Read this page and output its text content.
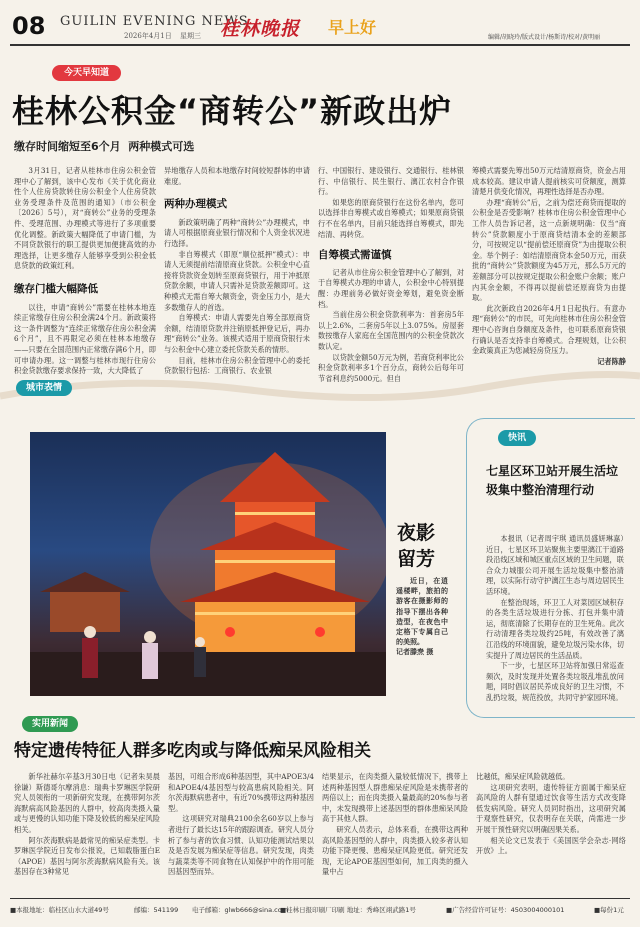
08 GUILIN EVENING NEWS
2026年4月1日 星期三 桂林晚报 早上好
编辑/胡晓玲/版式设计/杨斯诗/校对/黄明丽
今天早知道
桂林公积金“商转公”新政出炉
缴存时间缩短至6个月  两种模式可选

3月31日，记者从桂林市住房公积金管理中心了解到，该中心发布《关于优化商业性个人住房贷款转住房公积金个人住房贷款业务受理条件及范围的通知》（市公积金〔2026〕5号），对“商转公”业务的受理条件、受理范围、办理模式等进行了多项重要优化调整。新政策大幅降低了申请门槛，为不同贷款银行的职工提供更加便捷高效的办理选择，让更多缴存人能够享受到公积金低息贷款的政策红利。

缴存门槛大幅降低

以往，申请“商转公”需要在桂林本地连续正常缴存住房公积金满24个月。新政策将这一条件调整为“连续正常缴存住房公积金满6个月”，且不再限定必须在桂林本地缴存——只要在全国范围内正常缴存满6个月，即可申请办理。这一调整与桂林市现行住房公积金贷款缴存要求保持一致，大大降低了

异地缴存人员和本地缴存时间较短群体的申请难度。

两种办理模式

新政策明确了两种“商转公”办理模式，申请人可根据原商业银行情况和个人资金状况进行选择。

非自筹模式（即原“顺位抵押”模式）：申请人无须提前结清原商业贷款。公积金中心直接将贷款资金划转至原商贷银行，用于冲抵原贷款余额，申请人只需补足贷款差额即可。这种模式无需自筹大额资金，资金压力小，是大多数缴存人的首选。

自筹模式：申请人需要先自筹全部原商贷余额，结清原贷款并注销原抵押登记后，再办理“商转公”业务。该模式适用于原商贷银行未与公积金中心建立委托贷款关系的情形。

目前，桂林市住房公积金管理中心的委托贷款银行包括：工商银行、农业银

行、中国银行、建设银行、交通银行、桂林银行、中信银行、民生银行、漓江农村合作银行。

如果您的原商贷银行在这份名单内，您可以选择非自筹模式或自筹模式；如果原商贷银行不在名单内，目前只能选择自筹模式，即先结清、再转贷。

自筹模式需谨慎

记者从市住房公积金管理中心了解到，对于自筹模式办理的申请人，公积金中心特别提醒：办理前务必做好资金筹划，避免资金断档。

当前住房公积金贷款利率为：首套房5年以上2.6%，二套房5年以上3.075%。房屋套数按缴存人家庭在全国范围内的公积金贷款次数认定。

以贷款金额50万元为例，若商贷利率比公积金贷款利率多1个百分点，商转公后每年可节省利息约5000元。但自

筹模式需要先筹出50万元结清原商贷，资金占用成本较高。建议申请人提前核实可贷额度，测算清楚月供变化情况，再理性选择是否办理。

办理“商转公”后，之前为偿还商贷而提取的公积金是否受影响？桂林市住房公积金管理中心工作人员告诉记者，这一点新规明确：仅当“商转公”贷款额度小于原商贷结清本金的差额部分，可按规定以“提前偿还原商贷”为由提取公积金。举个例子：如结清原商贷本金50万元，而获批的“商转公”贷款额度为45万元，那么5万元的差额部分可以按规定提取公积金账户余额；账户内其余金额，不得再以提前偿还原商贷为由提取。

此次新政自2026年4月1日起执行。有意办理“商转公”的市民，可先向桂林市住房公积金管理中心咨询自身额度及条件，也可联系原商贷银行确认是否支持非自筹模式。合理规划，让公积金政策真正为您减轻房贷压力。

记者陈静
城市表情
夜影留芳

近日，在逍遥楼畔，旅拍的游客在摄影师的指导下摆出各种造型，在夜色中定格下专属自己的美照。

记者滕焘 摄
快讯
七星区环卫站开展生活垃圾集中整治清理行动

本报讯（记者周宇琪 通讯员盛妍琳嘉）近日，七星区环卫站聚焦主要里漓江干道路段沿线区域和城区重点区域的卫生问题，联合众力城服公司开展生活垃圾集中整治清理，以实际行动守护漓江生态与周边居民生活环境。

在整治现场，环卫工人对菜园区域积存的各类生活垃圾进行分拣、打包并集中清运，彻底清除了长期存在的卫生死角。此次行动清理各类垃圾约25吨，有效改善了漓江沿线的环境面貌，避免垃圾污染水体，切实提升了周边居民的生活品质。

下一步，七星区环卫站将加强日常巡查频次，及时发现并处置各类垃圾乱堆乱放问题，同时倡议居民养成良好的卫生习惯，不乱扔垃圾，规范投放，共同守护家园环境。

实用新闻
特定遗传特征人群多吃肉或与降低痴呆风险相关

新华社赫尔辛基3月30日电（记者朱昊晨 徐谦）斯德哥尔摩消息：瑞典卡罗琳医学院研究人员领衔的一项新研究发现，在携带阿尔茨海默病高风险基因的人群中，较高肉类摄入量或与更慢的认知功能下降及较低的痴呆症风险相关。

阿尔茨海默病是最常见的痴呆症类型。卡罗琳医学院近日发布公报说，已知载脂蛋白E（APOE）基因与阿尔茨海默病风险有关。该基因存在3种常见

基因，可组合形成6种基因型，其中APOE3/4和APOE4/4基因型与较高患病风险相关。阿尔茨海默病患者中，有近70%携带这两种基因型。

这项研究对瑞典2100余名60岁以上参与者进行了最长达15年的跟踪调查。研究人员分析了参与者的饮食习惯、认知功能测试结果以及是否发展为痴呆症等信息。研究发现，肉类与蔬菜类等不同食物在认知保护中的作用可能因基因型而异。

结果显示，在肉类摄入量较低情况下，携带上述两种基因型人群患痴呆症风险是未携带者的两倍以上；而在肉类摄入量最高的20%参与者中，未发现携带上述基因型的群体患痴呆风险高于其他人群。

研究人员表示，总体来看，在携带这两种高风险基因型的人群中，肉类摄入较多者认知功能下降更慢、患痴呆症风险更低。研究还发现，无论APOE基因型如何，加工肉类的摄入量中占

比越低，痴呆症风险就越低。

这项研究表明，遗传特征方面属于痴呆症高风险的人群有望通过饮食等生活方式改变降低发病风险。研究人员同时指出，这项研究属于观察性研究，仅表明存在关联，尚需进一步开展干预性研究以明确因果关系。

相关论文已发表于《美国医学会杂志·网络开放》上。

■本报地址：临桂区山水大道49号	邮编：541199 电子邮箱：glwb666@sina.com
■桂林日报印刷厂印刷 地址：秀峰区翊武路1号	■广告经营许可证号：4503004000101	■每份1元
